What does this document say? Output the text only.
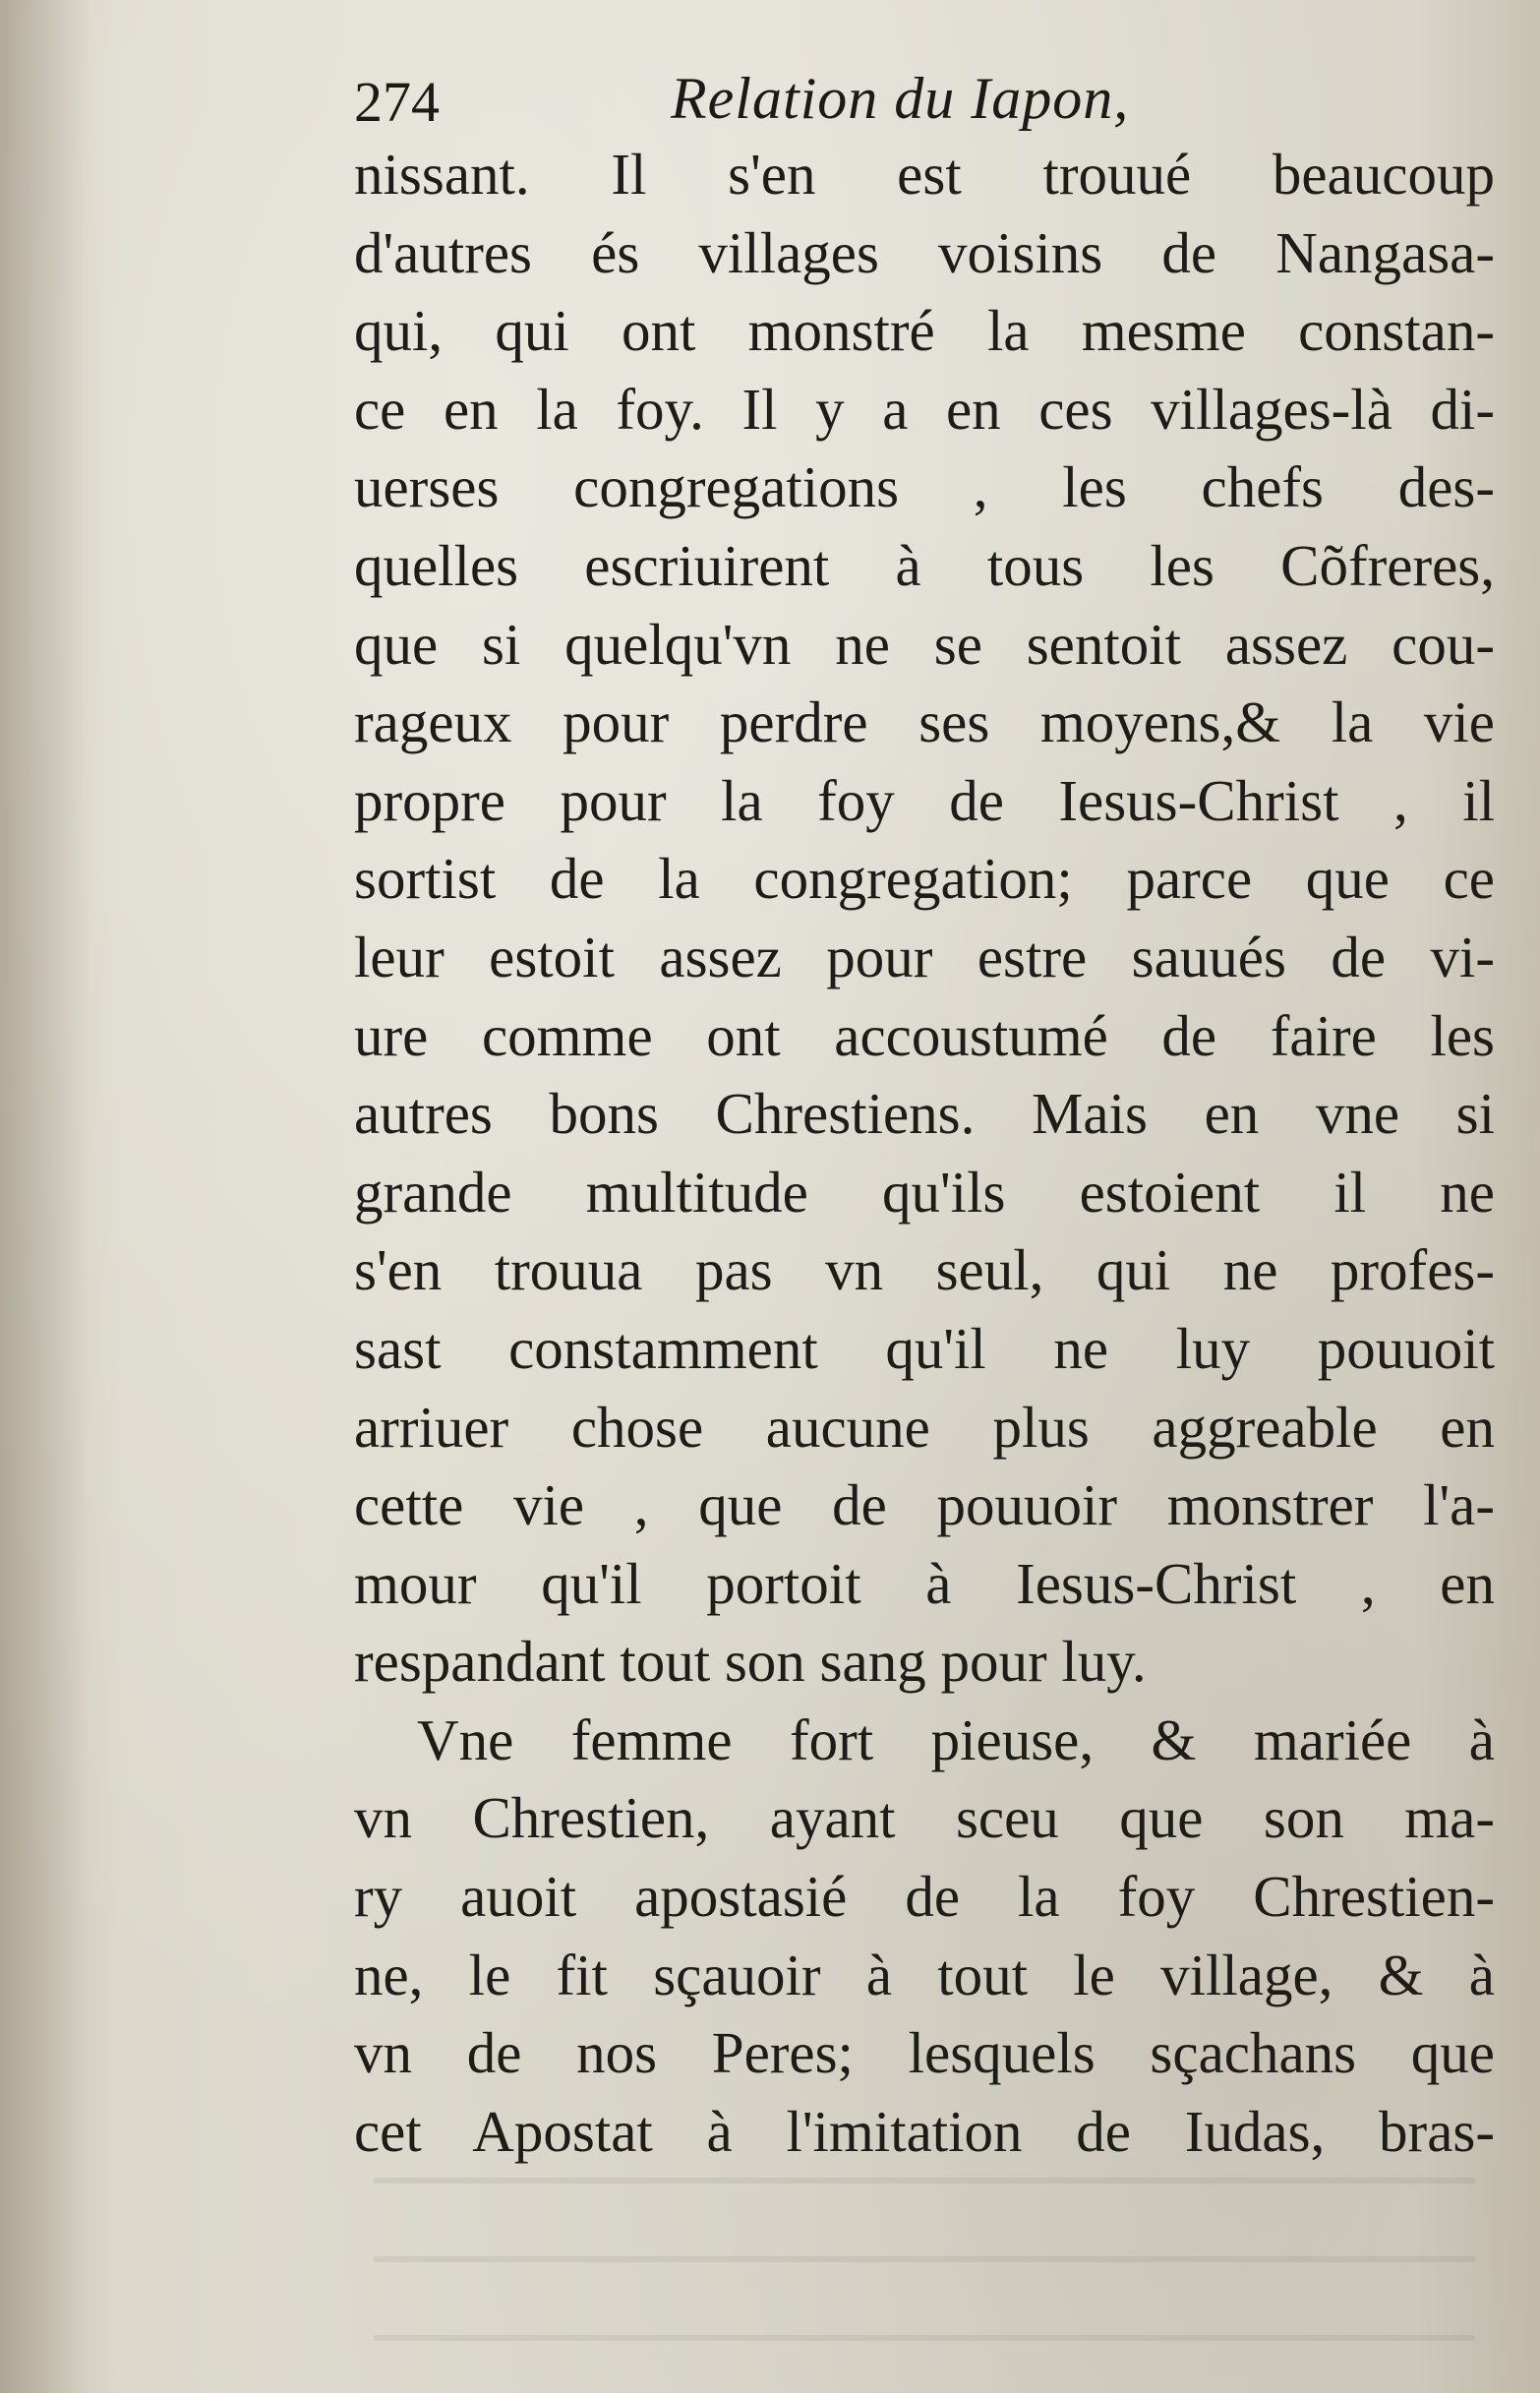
274	Relation du Iapon,
nissant. Il s'en est trouué beaucoup
d'autres és villages voisins de Nangasa-
qui, qui ont monstré la mesme constan-
ce en la foy. Il y a en ces villages-là di-
uerses congregations , les chefs des-
quelles escriuirent à tous les Cõfreres,
que si quelqu'vn ne se sentoit assez cou-
rageux pour perdre ses moyens,& la vie
propre pour la foy de Iesus-Christ , il
sortist de la congregation; parce que ce
leur estoit assez pour estre sauués de vi-
ure comme ont accoustumé de faire les
autres bons Chrestiens. Mais en vne si
grande multitude qu'ils estoient il ne
s'en trouua pas vn seul, qui ne profes-
sast constamment qu'il ne luy pouuoit
arriuer chose aucune plus aggreable en
cette vie , que de pouuoir monstrer l'a-
mour qu'il portoit à Iesus-Christ , en
respandant tout son sang pour luy.
Vne femme fort pieuse, & mariée à
vn Chrestien, ayant sceu que son ma-
ry auoit apostasié de la foy Chrestien-
ne, le fit sçauoir à tout le village, & à
vn de nos Peres; lesquels sçachans que
cet Apostat à l'imitation de Iudas, bras-
